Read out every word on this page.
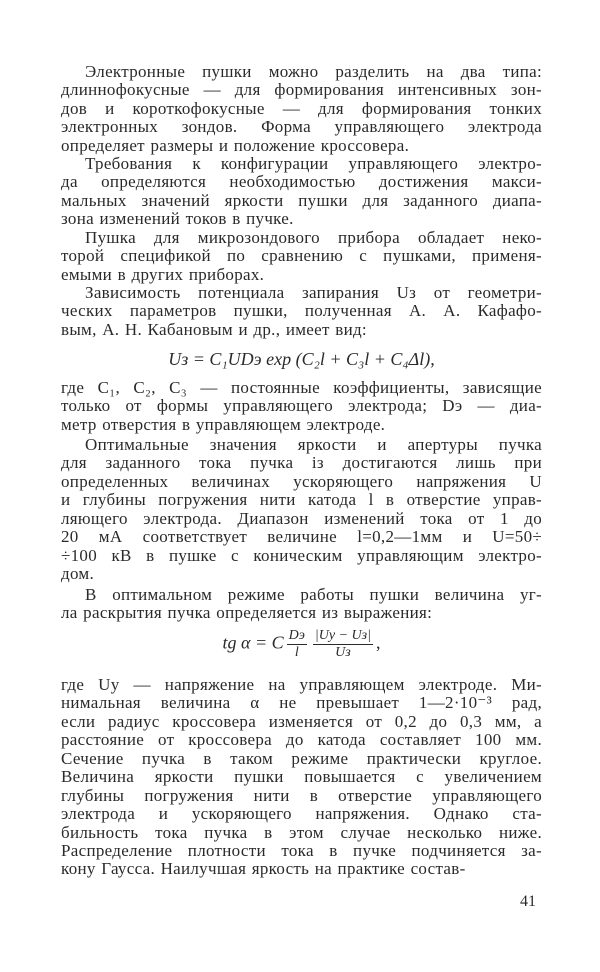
Электронные пушки можно разделить на два типа:
длиннофокусные — для формирования интенсивных зон-
дов и короткофокусные — для формирования тонких
электронных зондов. Форма управляющего электрода
определяет размеры и положение кроссовера.
Требования к конфигурации управляющего электро-
да определяются необходимостью достижения макси-
мальных значений яркости пушки для заданного диапа-
зона изменений токов в пучке.
Пушка для микрозондового прибора обладает неко-
торой спецификой по сравнению с пушками, применя-
емыми в других приборах.
Зависимость потенциала запирания Uз от геометри-
ческих параметров пушки, полученная А. А. Кафафо-
вым, А. Н. Кабановым и др., имеет вид:
Uз = C₁UDэ exp (C₂l + C₃l + C₄Δl),
где C₁, C₂, C₃ — постоянные коэффициенты, зависящие
только от формы управляющего электрода; Dэ — диа-
метр отверстия в управляющем электроде.
Оптимальные значения яркости и апертуры пучка
для заданного тока пучка iз достигаются лишь при
определенных величинах ускоряющего напряжения U
и глубины погружения нити катода l в отверстие управ-
ляющего электрода. Диапазон изменений тока от 1 до
20 мА соответствует величине l=0,2—1мм и U=50÷
÷100 кВ в пушке с коническим управляющим электро-
дом.
В оптимальном режиме работы пушки величина уг-
ла раскрытия пучка определяется из выражения:
tg α = C $\frac{Dэ}{l} \frac{|Uу - Uз|}{Uз}$ ,
где Uу — напряжение на управляющем электроде. Ми-
нимальная величина α не превышает 1—2·10⁻³ рад,
если радиус кроссовера изменяется от 0,2 до 0,3 мм, а
расстояние от кроссовера до катода составляет 100 мм.
Сечение пучка в таком режиме практически круглое.
Величина яркости пушки повышается с увеличением
глубины погружения нити в отверстие управляющего
электрода и ускоряющего напряжения. Однако ста-
бильность тока пучка в этом случае несколько ниже.
Распределение плотности тока в пучке подчиняется за-
кону Гаусса. Наилучшая яркость на практике состав-
41
